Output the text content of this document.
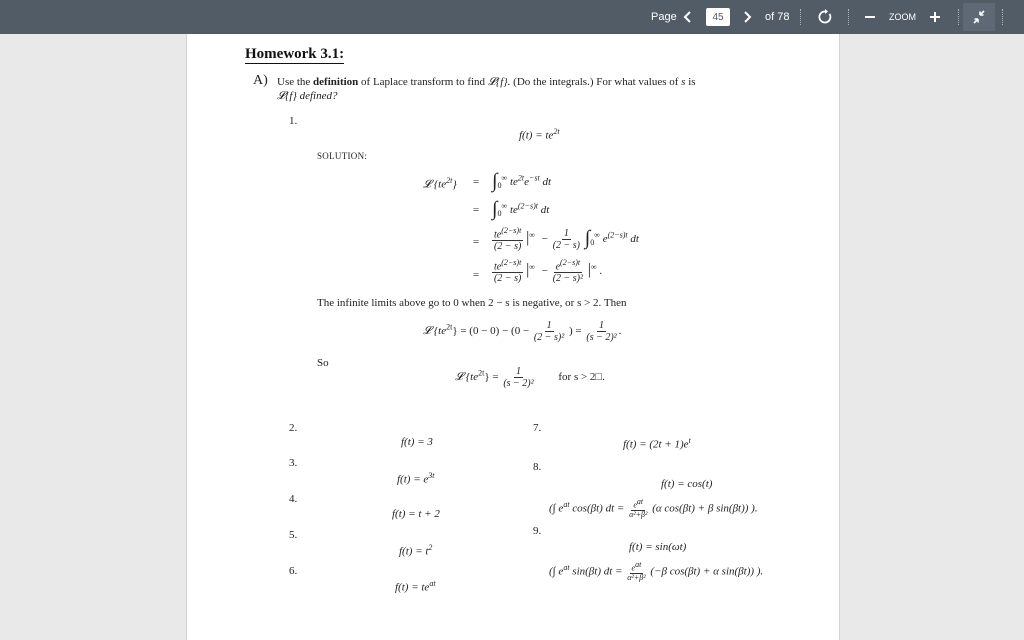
Page	45	of 78	ZOOM
Homework 3.1:
A) Use the definition of Laplace transform to find 𝓛{f}. (Do the integrals.) For what values of s is
𝓛{f} defined?
1.
$f(t) = te^{2t}$
SOLUTION:
𝓛 $\{te^{2t}\} = \int_0^\infty$ $te^{2t}e^{-st}$ dt
= $\int_0^\infty$ $te^{(2-s)t}$ dt
= $\frac{te^{(2-s)t}}{(2 - s)} |^\infty - \frac{1}{(2 - s)} \int_0^\infty$ $e^{(2-s)t}$ dt
= $\frac{te^{(2-s)t}}{(2 - s)} |^\infty - \frac{e^{(2-s)t}}{\text{(2 − s)²}} |^\infty$ .
The infinite limits above go to 0 when 2 − s is negative, or s > 2. Then
𝓛 $\{te^{2t}\} = (0 - 0) - (0 - \frac{1}{\text{(2 − s)²}}$ ) = $\frac{1}{\text{(s − 2)²}}$ .
So
𝓛 $\{te^{2t}\} = \frac{1}{\text{(s − 2)²}}$ for s > 2□.
2.
f(t) = 3
3.
$f(t) = e^{3t}$
4.
f(t) = t + 2
5.
$f(t) = t^2$
6.
$f(t) = te^{at}$
7.
$f(t) = (2t + 1)e^t$
8.
f(t) = cos(t)
(∫ $e^{at}$ cos(βt) dt = $\frac{e^{at}}{\text{α²+β²}} (\alpha$ cos(βt) + β sin(βt)) ).
9.
f(t) = sin(ωt)
(∫ $e^{at}$ sin(βt) dt = $\frac{e^{at}}{\text{α²+β²}} (-\beta$ cos(βt) + α sin(βt)) ).
